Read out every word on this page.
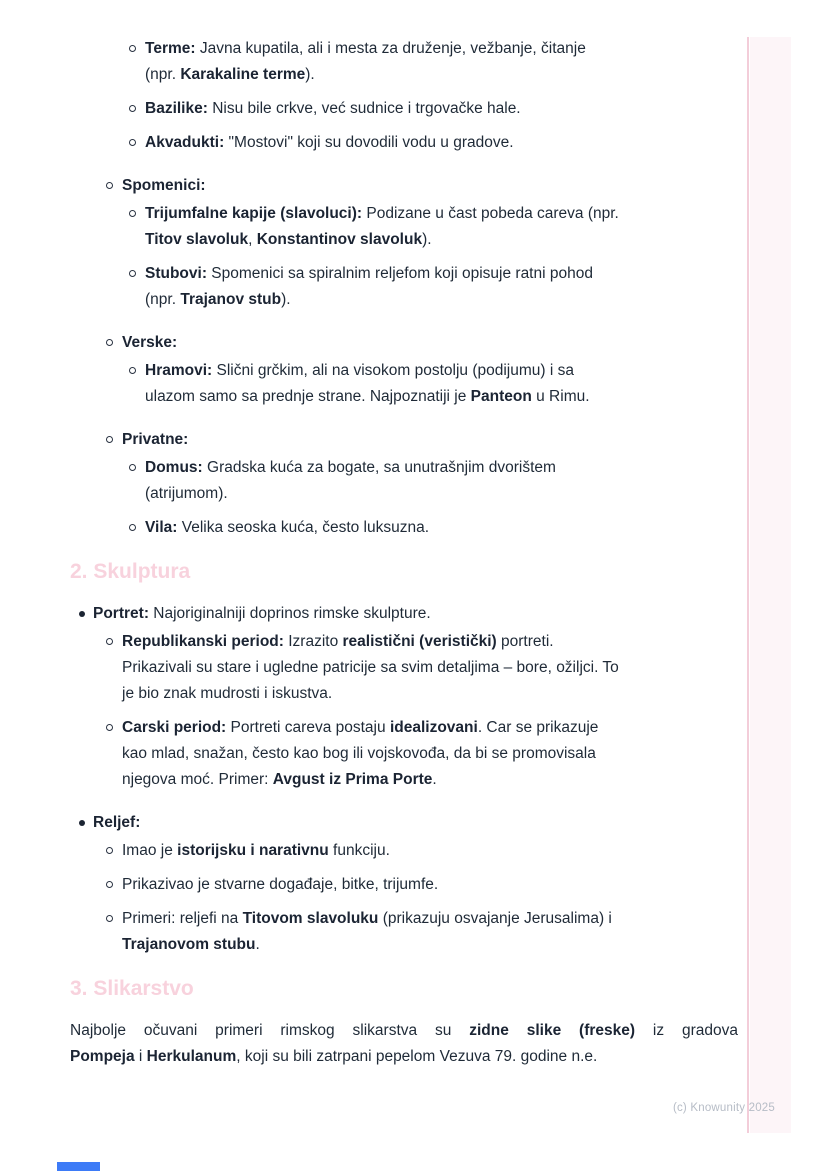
Terme: Javna kupatila, ali i mesta za druženje, vežbanje, čitanje
(npr. Karakaline terme).
Bazilike: Nisu bile crkve, već sudnice i trgovačke hale.
Akvadukti: "Mostovi" koji su dovodili vodu u gradove.
Spomenici:
Trijumfalne kapije (slavoluci): Podizane u čast pobeda careva (npr.
Titov slavoluk, Konstantinov slavoluk).
Stubovi: Spomenici sa spiralnim reljefom koji opisuje ratni pohod
(npr. Trajanov stub).
Verske:
Hramovi: Slični grčkim, ali na visokom postolju (podijumu) i sa
ulazom samo sa prednje strane. Najpoznatiji je Panteon u Rimu.
Privatne:
Domus: Gradska kuća za bogate, sa unutrašnjim dvorištem
(atrijumom).
Vila: Velika seoska kuća, često luksuzna.
2. Skulptura
Portret: Najoriginalniji doprinos rimske skulpture.
Republikanski period: Izrazito realistični (veristički) portreti.
Prikazivali su stare i ugledne patricije sa svim detaljima – bore, ožiljci. To
je bio znak mudrosti i iskustva.
Carski period: Portreti careva postaju idealizovani. Car se prikazuje
kao mlad, snažan, često kao bog ili vojskovođa, da bi se promovisala
njegova moć. Primer: Avgust iz Prima Porte.
Reljef:
Imao je istorijsku i narativnu funkciju.
Prikazivao je stvarne događaje, bitke, trijumfe.
Primeri: reljefi na Titovom slavoluku (prikazuju osvajanje Jerusalima) i
Trajanovom stubu.
3. Slikarstvo

Najbolje očuvani primeri rimskog slikarstva su zidne slike (freske) iz gradova
Pompeja i Herkulanum, koji su bili zatrpani pepelom Vezuva 79. godine n.e.

(c) Knowunity 2025
